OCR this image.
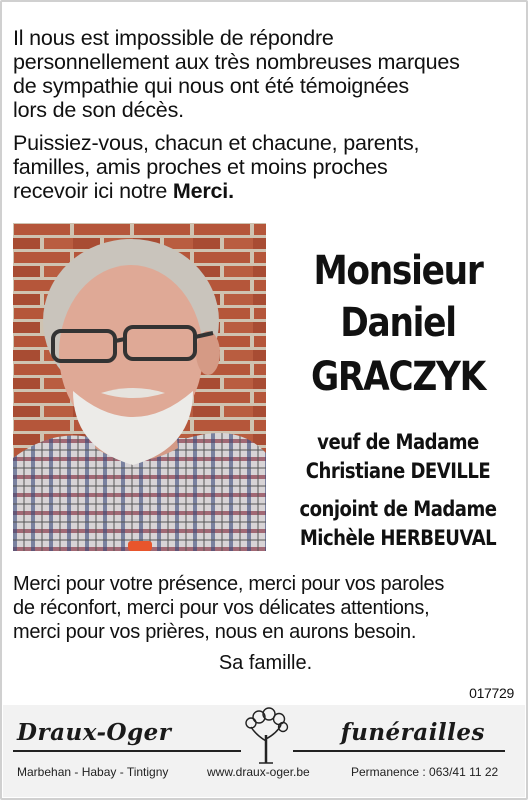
Il nous est impossible de répondre
personnellement aux très nombreuses marques
de sympathie qui nous ont été témoignées
lors de son décès.
Puissiez-vous, chacun et chacune, parents,
familles, amis proches et moins proches
recevoir ici notre Merci.
Monsieur
Daniel
GRACZYK
veuf de Madame
Christiane DEVILLE
conjoint de Madame
Michèle HERBEUVAL
Merci pour votre présence, merci pour vos paroles
de réconfort, merci pour vos délicates attentions,
merci pour vos prières, nous en aurons besoin.
Sa famille.
017729
Draux-Oger	funérailles
Marbehan - Habay - Tintigny	www.draux-oger.be	Permanence : 063/41 11 22
